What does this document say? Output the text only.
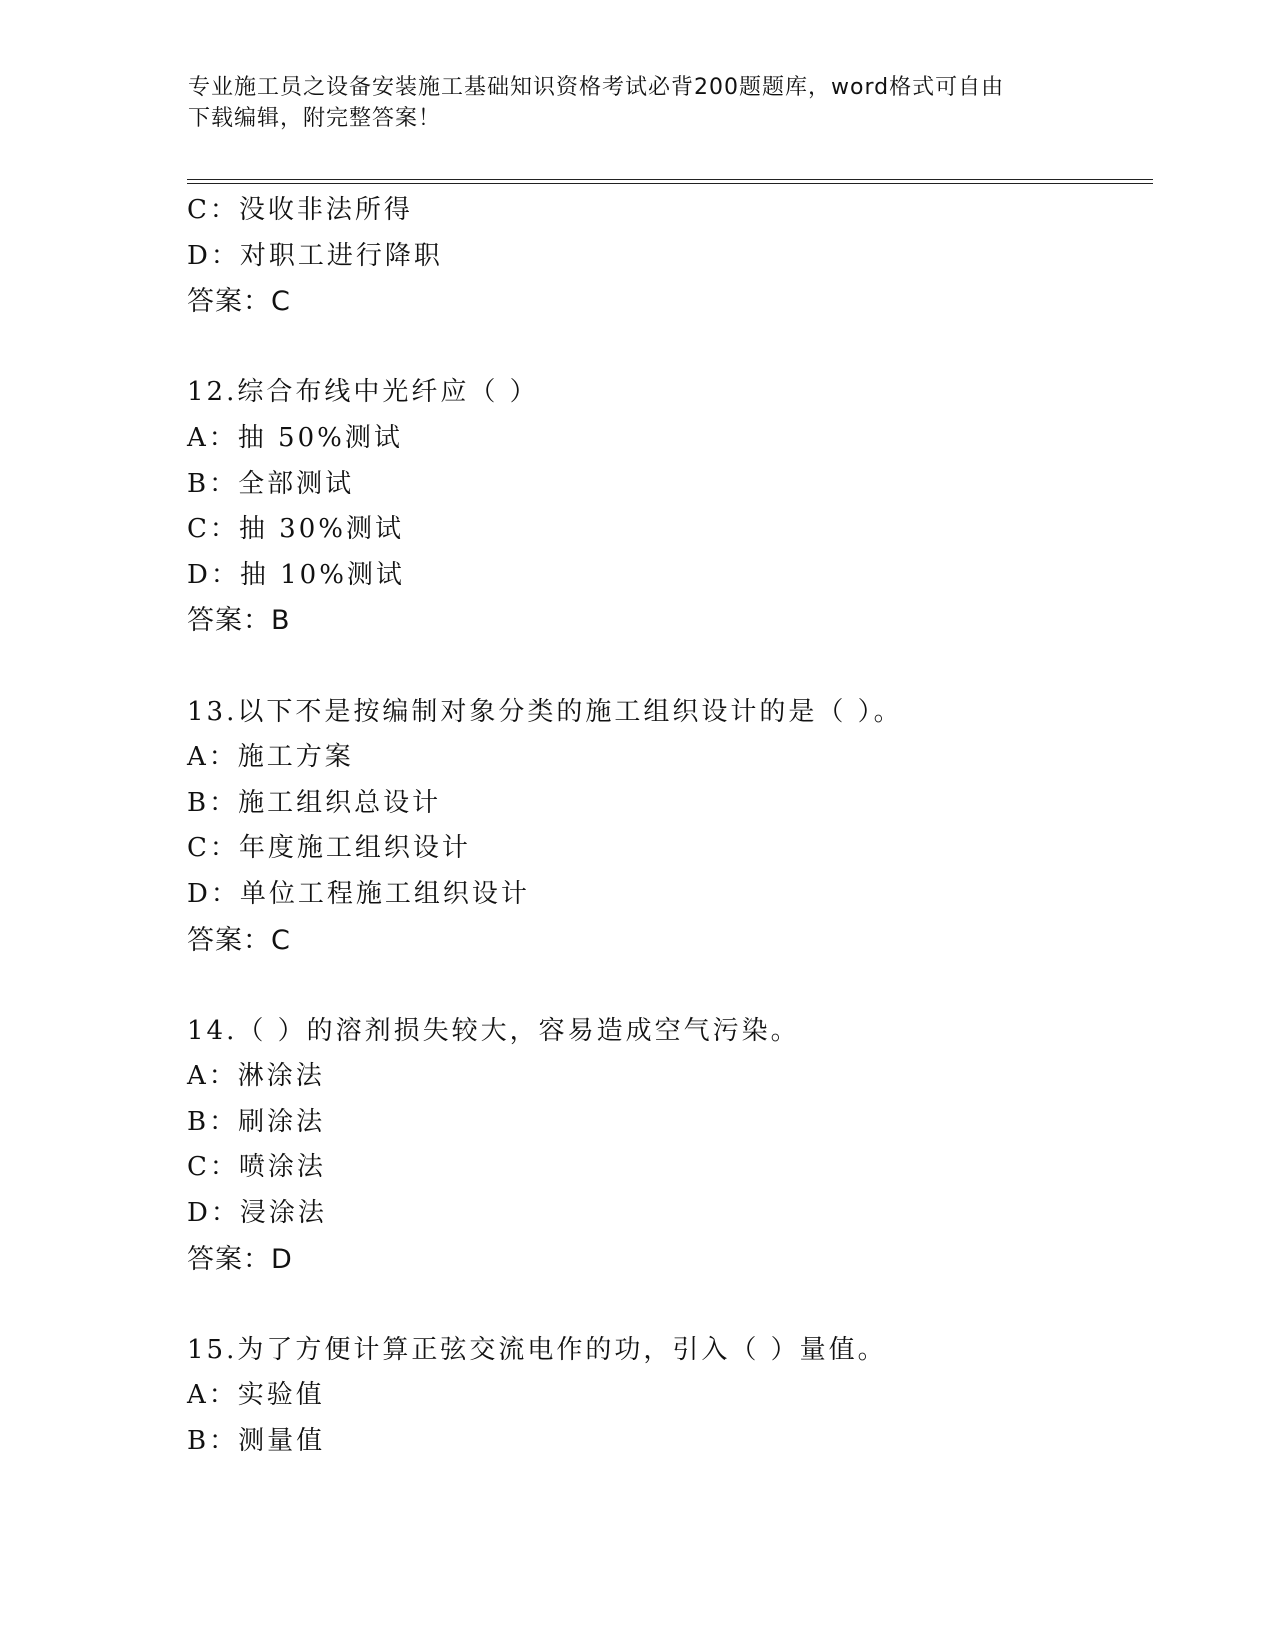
专业施工员之设备安装施工基础知识资格考试必背200题题库，word格式可自由
下载编辑，附完整答案！
C：没收非法所得
D：对职工进行降职
答案：C
12.综合布线中光纤应（ ）
A：抽 50%测试
B：全部测试
C：抽 30%测试
D：抽 10%测试
答案：B
13.以下不是按编制对象分类的施工组织设计的是（ ）。
A：施工方案
B：施工组织总设计
C：年度施工组织设计
D：单位工程施工组织设计
答案：C
14.（ ）的溶剂损失较大，容易造成空气污染。
A：淋涂法
B：刷涂法
C：喷涂法
D：浸涂法
答案：D
15.为了方便计算正弦交流电作的功，引入（ ）量值。
A：实验值
B：测量值
